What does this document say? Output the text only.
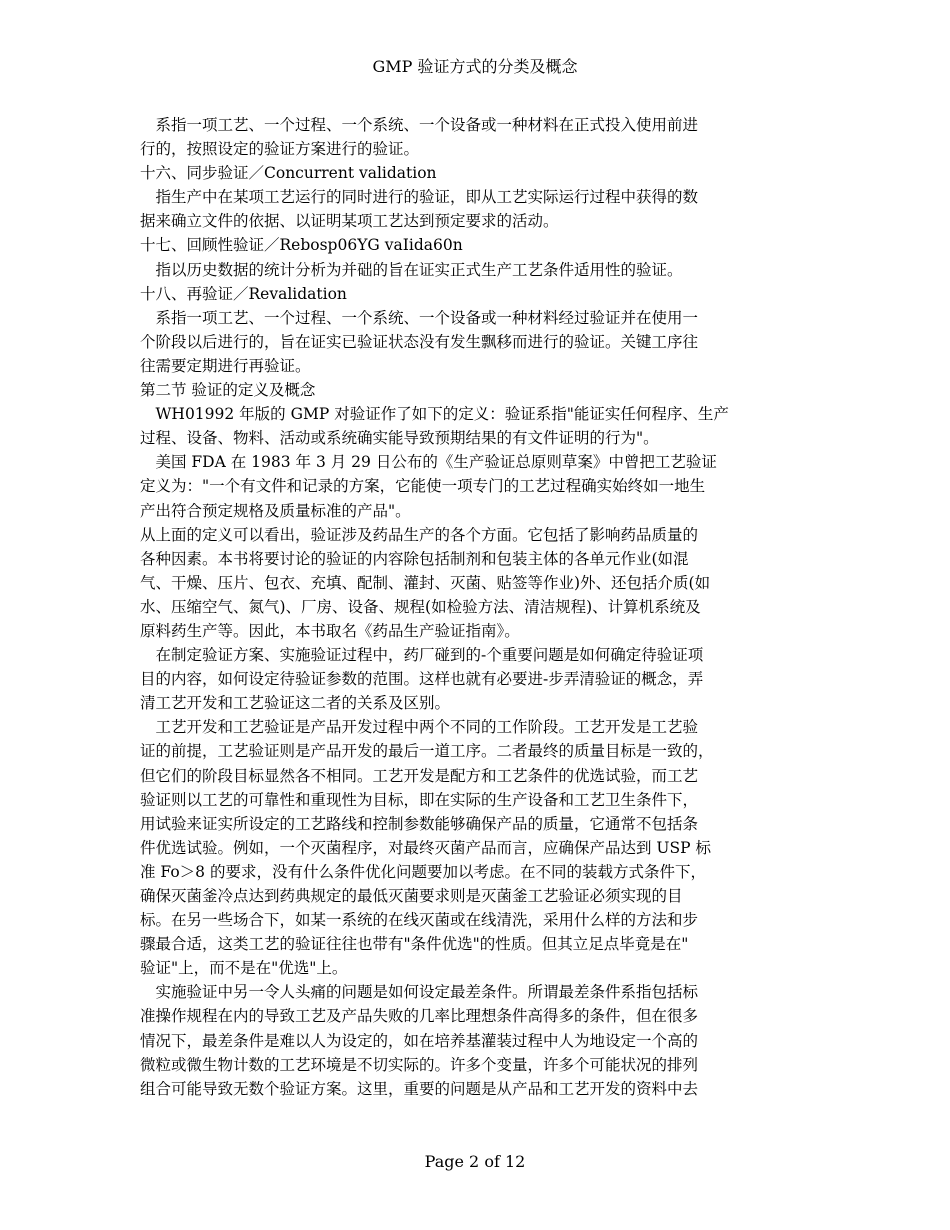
GMP 验证方式的分类及概念
　系指一项工艺、一个过程、一个系统、一个设备或一种材料在正式投入使用前进
行的，按照设定的验证方案进行的验证。
十六、同步验证／Concurrent validation
　指生产中在某项工艺运行的同时进行的验证，即从工艺实际运行过程中获得的数
据来确立文件的依据、以证明某项工艺达到预定要求的活动。
十七、回顾性验证／Rebosp06YG vaIida60n
　指以历史数据的统计分析为并础的旨在证实正式生产工艺条件适用性的验证。
十八、再验证／Revalidation
　系指一项工艺、一个过程、一个系统、一个设备或一种材料经过验证并在使用一
个阶段以后进行的，旨在证实已验证状态没有发生飘移而进行的验证。关键工序往
往需要定期进行再验证。
第二节 验证的定义及概念
　WH01992 年版的 GMP 对验证作了如下的定义：验证系指"能证实任何程序、生产
过程、设备、物料、活动或系统确实能导致预期结果的有文件证明的行为"。
　美国 FDA 在 1983 年 3 月 29 日公布的《生产验证总原则草案》中曾把工艺验证
定义为："一个有文件和记录的方案，它能使一项专门的工艺过程确实始终如一地生
产出符合预定规格及质量标准的产品"。
从上面的定义可以看出，验证涉及药品生产的各个方面。它包括了影响药品质量的
各种因素。本书将要讨论的验证的内容除包括制剂和包装主体的各单元作业(如混
气、干燥、压片、包衣、充填、配制、灌封、灭菌、贴签等作业)外、还包括介质(如
水、压缩空气、氮气)、厂房、设备、规程(如检验方法、清洁规程)、计算机系统及
原料药生产等。因此，本书取名《药品生产验证指南》。
　在制定验证方案、实施验证过程中，药厂碰到的-个重要问题是如何确定待验证项
目的内容，如何设定待验证参数的范围。这样也就有必要进-步弄清验证的概念，弄
清工艺开发和工艺验证这二者的关系及区别。
　工艺开发和工艺验证是产品开发过程中两个不同的工作阶段。工艺开发是工艺验
证的前提，工艺验证则是产品开发的最后一道工序。二者最终的质量目标是一致的，
但它们的阶段目标显然各不相同。工艺开发是配方和工艺条件的优选试验，而工艺
验证则以工艺的可靠性和重现性为目标，即在实际的生产设备和工艺卫生条件下，
用试验来证实所设定的工艺路线和控制参数能够确保产品的质量，它通常不包括条
件优选试验。例如，一个灭菌程序，对最终灭菌产品而言，应确保产品达到 USP 标
准 Fo＞8 的要求，没有什么条件优化问题要加以考虑。在不同的装载方式条件下，
确保灭菌釜冷点达到药典规定的最低灭菌要求则是灭菌釜工艺验证必须实现的目
标。在另一些场合下，如某一系统的在线灭菌或在线清洗，采用什么样的方法和步
骤最合适，这类工艺的验证往往也带有"条件优选"的性质。但其立足点毕竟是在"
验证"上，而不是在"优选"上。
　实施验证中另一令人头痛的问题是如何设定最差条件。所谓最差条件系指包括标
准操作规程在内的导致工艺及产品失败的几率比理想条件高得多的条件，但在很多
情况下，最差条件是难以人为设定的，如在培养基灌装过程中人为地设定一个高的
微粒或微生物计数的工艺环境是不切实际的。许多个变量，许多个可能状况的排列
组合可能导致无数个验证方案。这里，重要的问题是从产品和工艺开发的资料中去
Page 2 of 12
